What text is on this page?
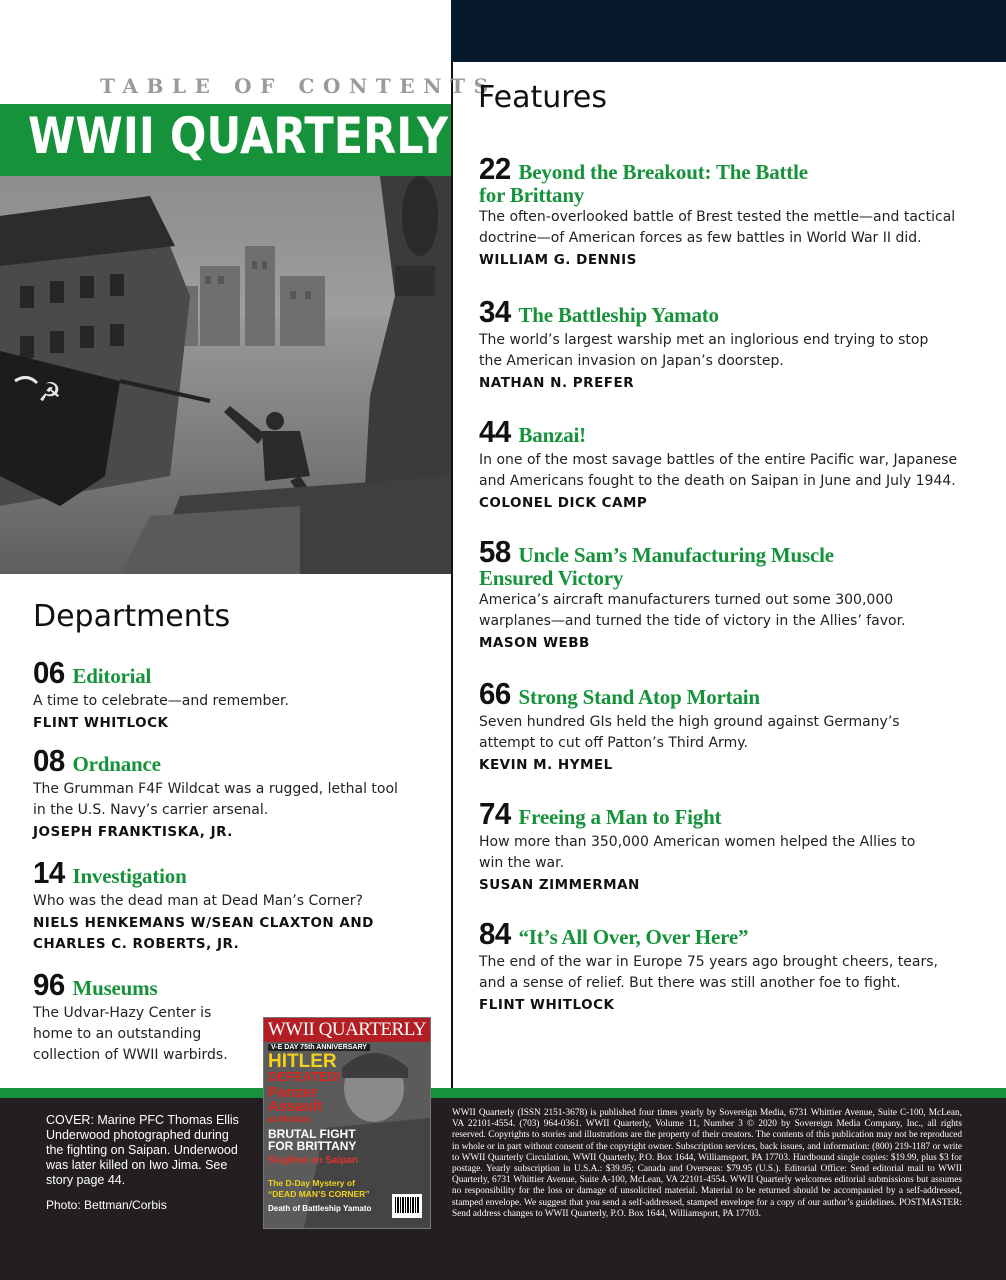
TABLE OF CONTENTS
WWII QUARTERLY
☭
Departments
06 Editorial
A time to celebrate—and remember.
FLINT WHITLOCK
08 Ordnance
The Grumman F4F Wildcat was a rugged, lethal tool
in the U.S. Navy’s carrier arsenal.
JOSEPH FRANKTISKA, JR.
14 Investigation
Who was the dead man at Dead Man’s Corner?
NIELS HENKEMANS W/SEAN CLAXTON AND
CHARLES C. ROBERTS, JR.
96 Museums
The Udvar-Hazy Center is
home to an outstanding
collection of WWII warbirds.
Features
22 Beyond the Breakout: The Battle
for Brittany
The often-overlooked battle of Brest tested the mettle—and tactical
doctrine—of American forces as few battles in World War II did.
WILLIAM G. DENNIS
34 The Battleship Yamato
The world’s largest warship met an inglorious end trying to stop
the American invasion on Japan’s doorstep.
NATHAN N. PREFER
44 Banzai!
In one of the most savage battles of the entire Pacific war, Japanese
and Americans fought to the death on Saipan in June and July 1944.
COLONEL DICK CAMP
58 Uncle Sam’s Manufacturing Muscle
Ensured Victory
America’s aircraft manufacturers turned out some 300,000
warplanes—and turned the tide of victory in the Allies’ favor.
MASON WEBB
66 Strong Stand Atop Mortain
Seven hundred GIs held the high ground against Germany’s
attempt to cut off Patton’s Third Army.
KEVIN M. HYMEL
74 Freeing a Man to Fight
How more than 350,000 American women helped the Allies to
win the war.
SUSAN ZIMMERMAN
84 “It’s All Over, Over Here”
The end of the war in Europe 75 years ago brought cheers, tears,
and a sense of relief. But there was still another foe to fight.
FLINT WHITLOCK
COVER: Marine PFC Thomas Ellis
Underwood photographed during
the fighting on Saipan. Underwood
was later killed on Iwo Jima. See
story page 44.
Photo: Bettman/Corbis
WWII Quarterly (ISSN 2151-3678) is published four times yearly by Sovereign Media, 6731 Whittier Avenue, Suite C-100, McLean, VA 22101-4554. (703) 964-0361. WWII Quarterly, Volume 11, Number 3 © 2020 by Sovereign Media Company, Inc., all rights reserved. Copyrights to stories and illustrations are the property of their creators. The contents of this publication may not be reproduced in whole or in part without consent of the copyright owner. Subscription services, back issues, and information: (800) 219-1187 or write to WWII Quarterly Circulation, WWII Quarterly, P.O. Box 1644, Williamsport, PA 17703. Hardbound single copies: $19.99, plus $3 for postage. Yearly subscription in U.S.A.: $39.95; Canada and Overseas: $79.95 (U.S.). Editorial Office: Send editorial mail to WWII Quarterly, 6731 Whittier Avenue, Suite A-100, McLean, VA 22101-4554. WWII Quarterly welcomes editorial submissions but assumes no responsibility for the loss or damage of unsolicited material. Material to be returned should be accompanied by a self-addressed, stamped envelope. We suggest that you send a self-addressed, stamped envelope for a copy of our author’s guidelines. POSTMASTER: Send address changes to WWII Quarterly, P.O. Box 1644, Williamsport, PA 17703.
WWII QUARTERLY
V-E DAY 75th ANNIVERSARY
HITLER
DEFEATED!
Panzer
Assault
at Mortain
BRUTAL FIGHT
FOR BRITTANY
Slugfest on Saipan
The D-Day Mystery of
“DEAD MAN’S CORNER”
Death of Battleship Yamato
